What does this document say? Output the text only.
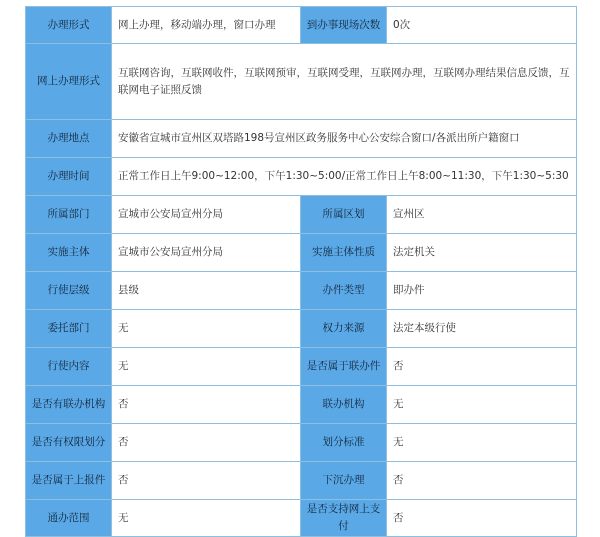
办理形式	网上办理，移动端办理，窗口办理	到办事现场次数	0次
网上办理形式	互联网咨询，互联网收件，互联网预审，互联网受理，互联网办理，互联网办理结果信息反馈，互联网电子证照反馈		
办理地点	安徽省宣城市宣州区双塔路198号宣州区政务服务中心公安综合窗口/各派出所户籍窗口		
办理时间	正常工作日上午9:00~12:00，下午1:30~5:00/正常工作日上午8:00~11:30，下午1:30~5:30		
所属部门	宣城市公安局宣州分局	所属区划	宣州区
实施主体	宣城市公安局宣州分局	实施主体性质	法定机关
行使层级	县级	办件类型	即办件
委托部门	无	权力来源	法定本级行使
行使内容	无	是否属于联办件	否
是否有联办机构	否	联办机构	无
是否有权限划分	否	划分标准	无
是否属于上报件	否	下沉办理	否
通办范围	无	是否支持网上支付	否
